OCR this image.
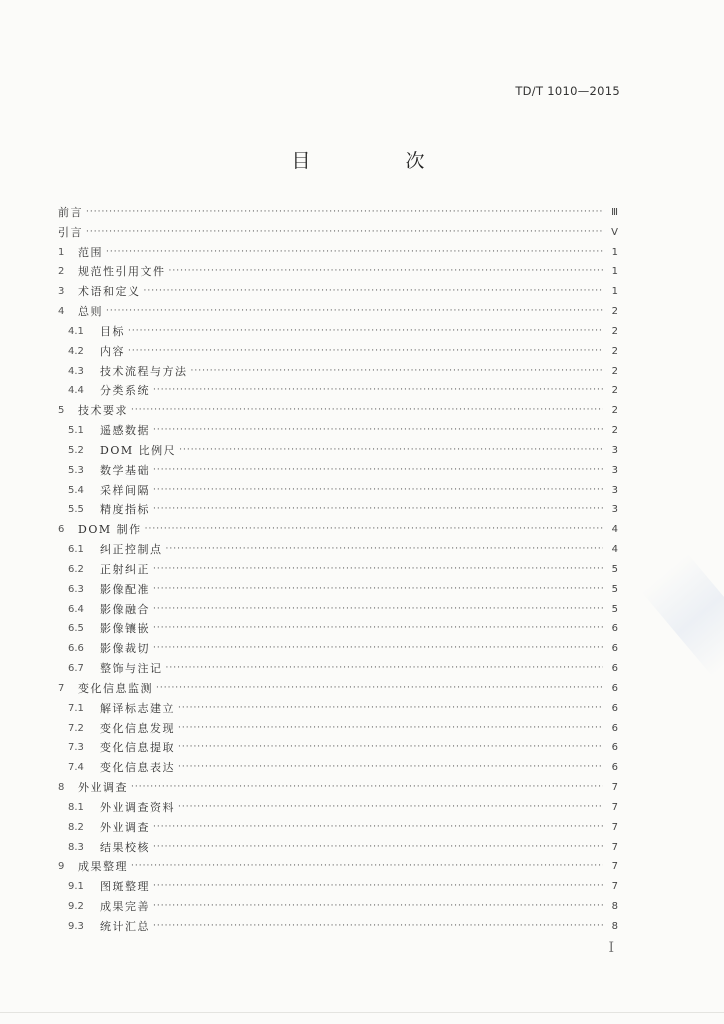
TD/T 1010—2015
目　次
前言 ·····	Ⅲ
引言 ·····	Ⅴ
1	范围 ·····	1
2	规范性引用文件 ·····	1
3	术语和定义 ·····	1
4	总则 ·····	2
4.1	目标 ·····	2
4.2	内容 ·····	2
4.3	技术流程与方法 ·····	2
4.4	分类系统 ·····	2
5	技术要求 ·····	2
5.1	遥感数据 ·····	2
5.2	DOM 比例尺 ·····	3
5.3	数学基础 ·····	3
5.4	采样间隔 ·····	3
5.5	精度指标 ·····	3
6	DOM 制作 ·····	4
6.1	纠正控制点 ·····	4
6.2	正射纠正 ·····	5
6.3	影像配准 ·····	5
6.4	影像融合 ·····	5
6.5	影像镶嵌 ·····	6
6.6	影像裁切 ·····	6
6.7	整饰与注记 ·····	6
7	变化信息监测 ·····	6
7.1	解译标志建立 ·····	6
7.2	变化信息发现 ·····	6
7.3	变化信息提取 ·····	6
7.4	变化信息表达 ·····	6
8	外业调查 ·····	7
8.1	外业调查资料 ·····	7
8.2	外业调查 ·····	7
8.3	结果校核 ·····	7
9	成果整理 ·····	7
9.1	图斑整理 ·····	7
9.2	成果完善 ·····	8
9.3	统计汇总 ·····	8
Ⅰ
